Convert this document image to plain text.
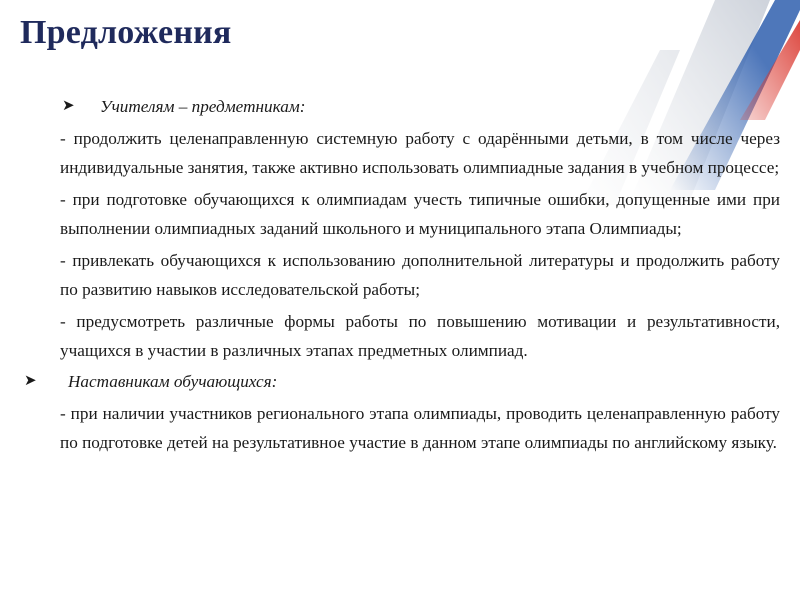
Предложения
➤ Учителям – предметникам:

- продолжить целенаправленную системную работу с одарёнными детьми, в том числе через индивидуальные занятия, также активно использовать олимпиадные задания в учебном процессе;

- при подготовке обучающихся к олимпиадам учесть типичные ошибки, допущенные ими при выполнении олимпиадных заданий школьного и муниципального этапа Олимпиады;

- привлекать обучающихся к использованию дополнительной литературы и продолжить работу по развитию навыков исследовательской работы;

- предусмотреть различные формы работы по повышению мотивации и результативности, учащихся в участии в различных этапах предметных олимпиад.

➤ Наставникам обучающихся:

- при наличии участников регионального этапа олимпиады, проводить целенаправленную работу по подготовке детей на результативное участие в данном этапе олимпиады по английскому языку.
